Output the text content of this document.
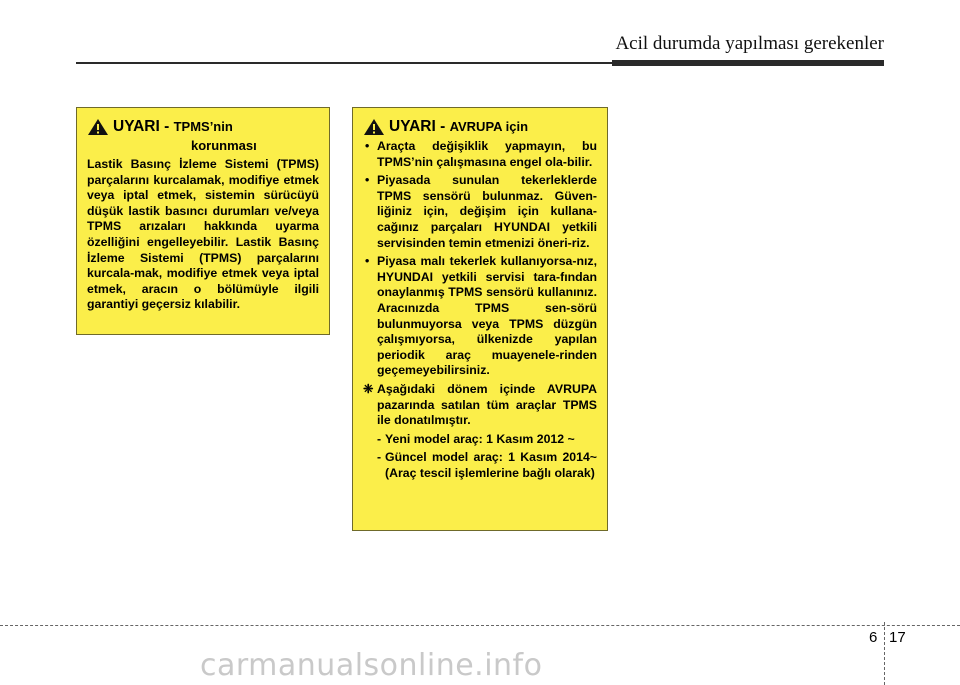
Acil durumda yapılması gerekenler
UYARI - TPMS’nin
korunması

Lastik Basınç İzleme Sistemi (TPMS) parçalarını kurcalamak, modifiye etmek veya iptal etmek, sistemin sürücüyü düşük lastik basıncı durumları ve/veya TPMS arızaları hakkında uyarma özelliğini engelleyebilir. Lastik Basınç İzleme Sistemi (TPMS) parçalarını kurcala-mak, modifiye etmek veya iptal etmek, aracın o bölümüyle ilgili garantiyi geçersiz kılabilir.

UYARI - AVRUPA için
• Araçta değişiklik yapmayın, bu TPMS’nin çalışmasına engel ola-bilir.
• Piyasada sunulan tekerleklerde TPMS sensörü bulunmaz. Güven-liğiniz için, değişim için kullana-cağınız parçaları HYUNDAI yetkili servisinden temin etmenizi öneri-riz.
• Piyasa malı tekerlek kullanıyorsa-nız, HYUNDAI yetkili servisi tara-fından onaylanmış TPMS sensörü kullanınız. Aracınızda TPMS sen-sörü bulunmuyorsa veya TPMS düzgün çalışmıyorsa, ülkenizde yapılan periodik araç muayenele-rinden geçemeyebilirsiniz.
❈ Aşağıdaki dönem içinde AVRUPA pazarında satılan tüm araçlar TPMS ile donatılmıştır.
- Yeni model araç: 1 Kasım 2012 ~
- Güncel model araç: 1 Kasım 2014~ (Araç tescil işlemlerine bağlı olarak)
6 17
carmanualsonline.info
